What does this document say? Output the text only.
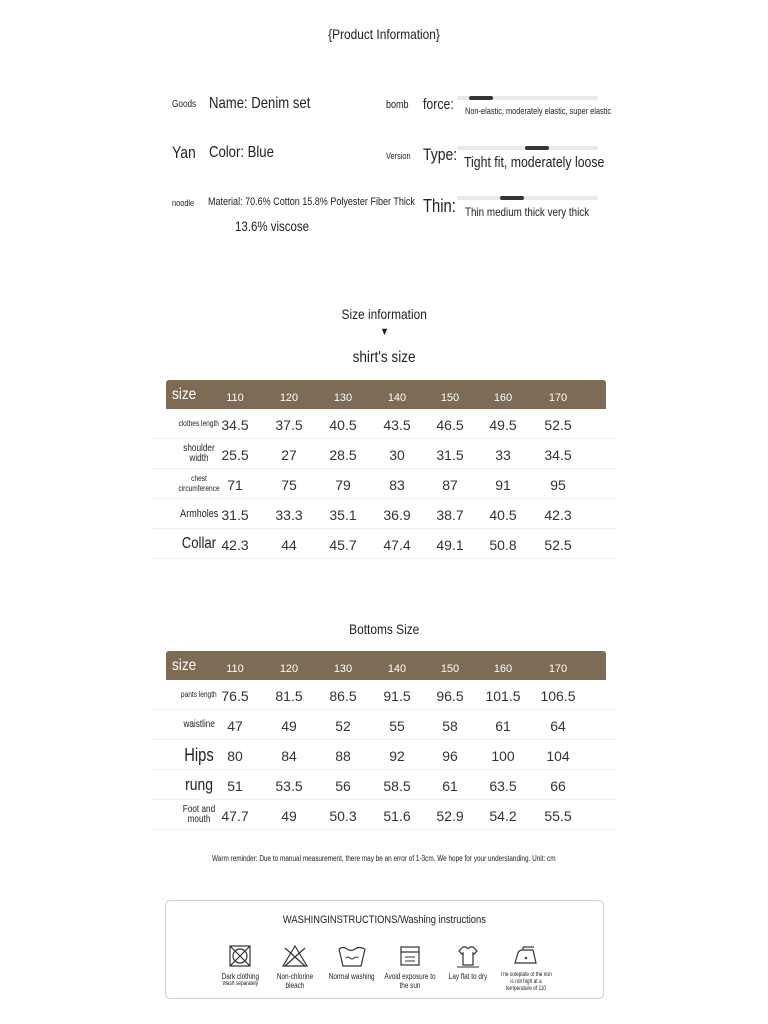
{Product Information}
Goods Name: Denim set
Yan Color: Blue
noodle Material: 70.6% Cotton 15.8% Polyester Fiber Thick
13.6% viscose
bomb force: Non-elastic, moderately elastic, super elastic
Version Type: Tight fit, moderately loose
Thin: Thin medium thick very thick
Size information
▼
shirt's size
size	110	120	130	140	150	160	170
clothes length 34.5	37.5	40.5	43.5	46.5	49.5	52.5
shoulder width 25.5	27	28.5	30	31.5	33	34.5
chest circumference 71	75	79	83	87	91	95
Armholes 31.5	33.3	35.1	36.9	38.7	40.5	42.3
Collar 42.3	44	45.7	47.4	49.1	50.8	52.5
Bottoms Size
size	110	120	130	140	150	160	170
pants length 76.5	81.5	86.5	91.5	96.5	101.5	106.5
waistline 47	49	52	55	58	61	64
Hips 80	84	88	92	96	100	104
rung	51	53.5	56	58.5	61	63.5	66
Foot and mouth 47.7	49	50.3	51.6	52.9	54.2	55.5
Warm reminder: Due to manual measurement, there may be an error of 1-3cm. We hope for your understanding. Unit: cm
WASHINGINSTRUCTIONS/Washing instructions
Dark clothing
Wash separately
Non-chlorine bleach
Normal washing	Avoid exposure to the sun
Lay flat to dry	The soleplate of the iron is not high at a temperature of 110
